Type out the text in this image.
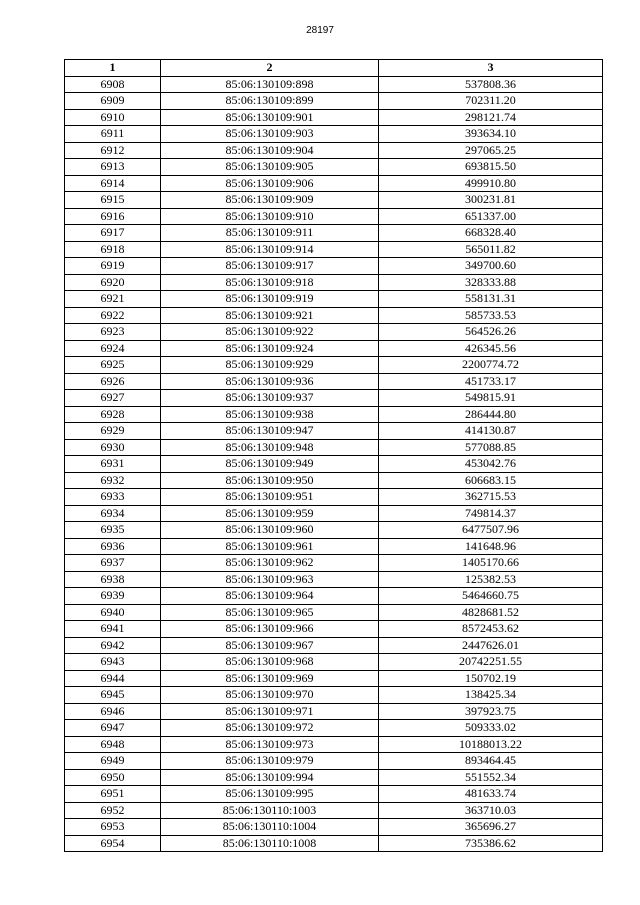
28197
1	2	3
6908	85:06:130109:898	537808.36
6909	85:06:130109:899	702311.20
6910	85:06:130109:901	298121.74
6911	85:06:130109:903	393634.10
6912	85:06:130109:904	297065.25
6913	85:06:130109:905	693815.50
6914	85:06:130109:906	499910.80
6915	85:06:130109:909	300231.81
6916	85:06:130109:910	651337.00
6917	85:06:130109:911	668328.40
6918	85:06:130109:914	565011.82
6919	85:06:130109:917	349700.60
6920	85:06:130109:918	328333.88
6921	85:06:130109:919	558131.31
6922	85:06:130109:921	585733.53
6923	85:06:130109:922	564526.26
6924	85:06:130109:924	426345.56
6925	85:06:130109:929	2200774.72
6926	85:06:130109:936	451733.17
6927	85:06:130109:937	549815.91
6928	85:06:130109:938	286444.80
6929	85:06:130109:947	414130.87
6930	85:06:130109:948	577088.85
6931	85:06:130109:949	453042.76
6932	85:06:130109:950	606683.15
6933	85:06:130109:951	362715.53
6934	85:06:130109:959	749814.37
6935	85:06:130109:960	6477507.96
6936	85:06:130109:961	141648.96
6937	85:06:130109:962	1405170.66
6938	85:06:130109:963	125382.53
6939	85:06:130109:964	5464660.75
6940	85:06:130109:965	4828681.52
6941	85:06:130109:966	8572453.62
6942	85:06:130109:967	2447626.01
6943	85:06:130109:968	20742251.55
6944	85:06:130109:969	150702.19
6945	85:06:130109:970	138425.34
6946	85:06:130109:971	397923.75
6947	85:06:130109:972	509333.02
6948	85:06:130109:973	10188013.22
6949	85:06:130109:979	893464.45
6950	85:06:130109:994	551552.34
6951	85:06:130109:995	481633.74
6952	85:06:130110:1003	363710.03
6953	85:06:130110:1004	365696.27
6954	85:06:130110:1008	735386.62
